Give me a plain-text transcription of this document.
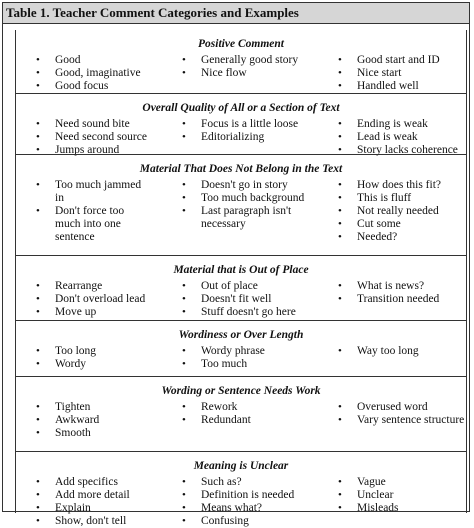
Table 1. Teacher Comment Categories and Examples
Positive Comment
• Good
• Good, imaginative
• Good focus
• Generally good story
• Nice flow
• Good start and ID
• Nice start
• Handled well
Overall Quality of All or a Section of Text
• Need sound bite
• Need second source
• Jumps around
• Focus is a little loose
• Editorializing
• Ending is weak
• Lead is weak
• Story lacks coherence
Material That Does Not Belong in the Text
• Too much jammed
in
• Don't force too
much into one
sentence
• Doesn't go in story
• Too much background
• Last paragraph isn't
necessary
• How does this fit?
• This is fluff
• Not really needed
• Cut some
• Needed?
Material that is Out of Place
• Rearrange
• Don't overload lead
• Move up
• Out of place
• Doesn't fit well
• Stuff doesn't go here
• What is news?
• Transition needed
Wordiness or Over Length
• Too long
• Wordy
• Wordy phrase
• Too much
• Way too long
Wording or Sentence Needs Work
• Tighten
• Awkward
• Smooth
• Rework
• Redundant
• Overused word
• Vary sentence structure
Meaning is Unclear
• Add specifics
• Add more detail
• Explain
• Show, don't tell
• Such as?
• Definition is needed
• Means what?
• Confusing
• Vague
• Unclear
• Misleads
